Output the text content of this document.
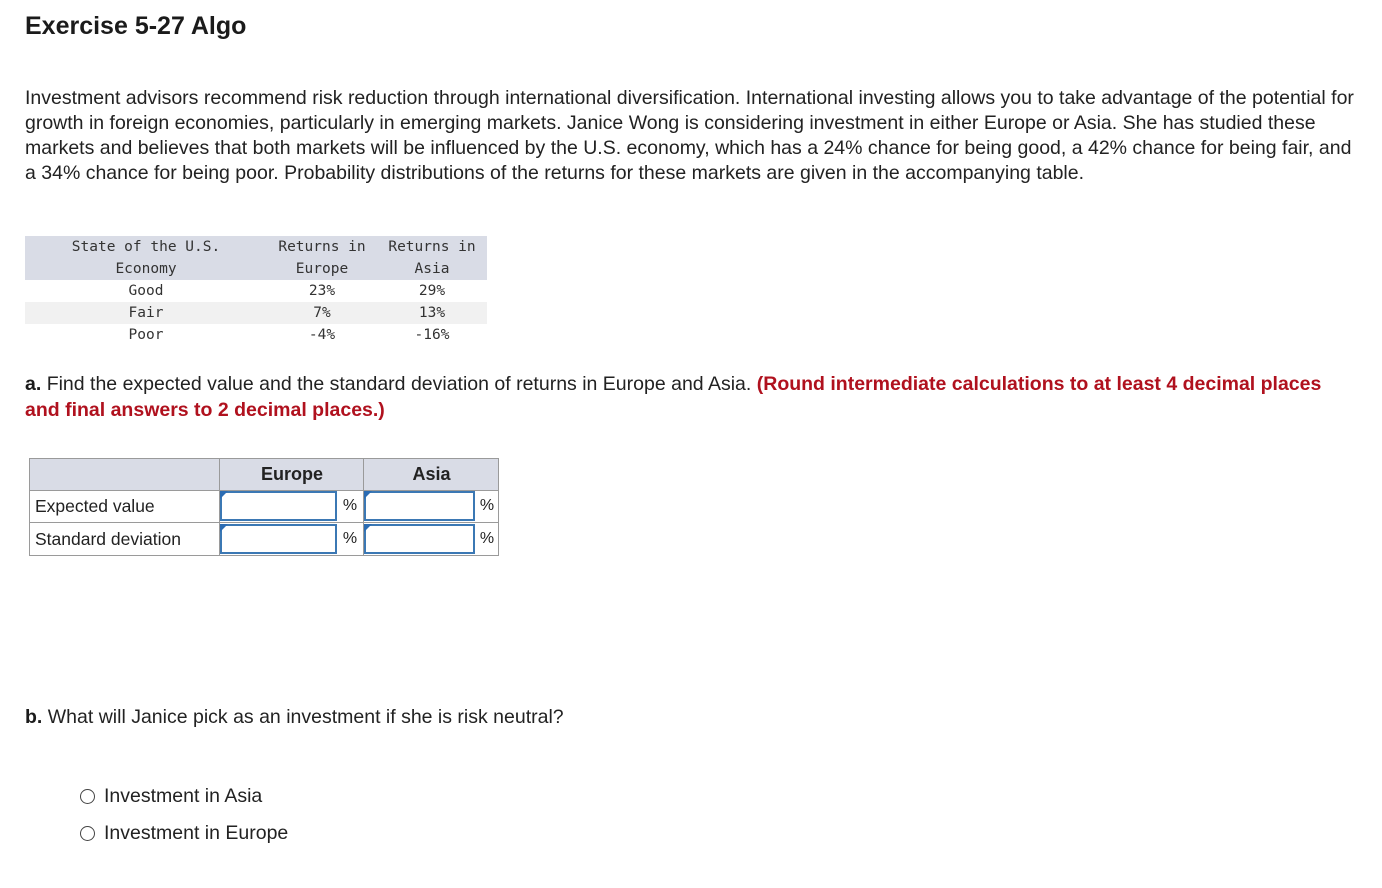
Exercise 5-27 Algo
Investment advisors recommend risk reduction through international diversification. International investing allows you to take advantage of the potential for growth in foreign economies, particularly in emerging markets. Janice Wong is considering investment in either Europe or Asia. She has studied these markets and believes that both markets will be influenced by the U.S. economy, which has a 24% chance for being good, a 42% chance for being fair, and a 34% chance for being poor. Probability distributions of the returns for these markets are given in the accompanying table.
State of the U.S.	Returns in	Returns in
Economy	Europe	Asia
Good	23%	29%
Fair	7%	13%
Poor	-4%	-16%
a. Find the expected value and the standard deviation of returns in Europe and Asia. (Round intermediate calculations to at least 4 decimal places and final answers to 2 decimal places.)
Europe	Asia
Expected value	%	%
Standard deviation	%	%
b. What will Janice pick as an investment if she is risk neutral?
Investment in Asia
Investment in Europe
